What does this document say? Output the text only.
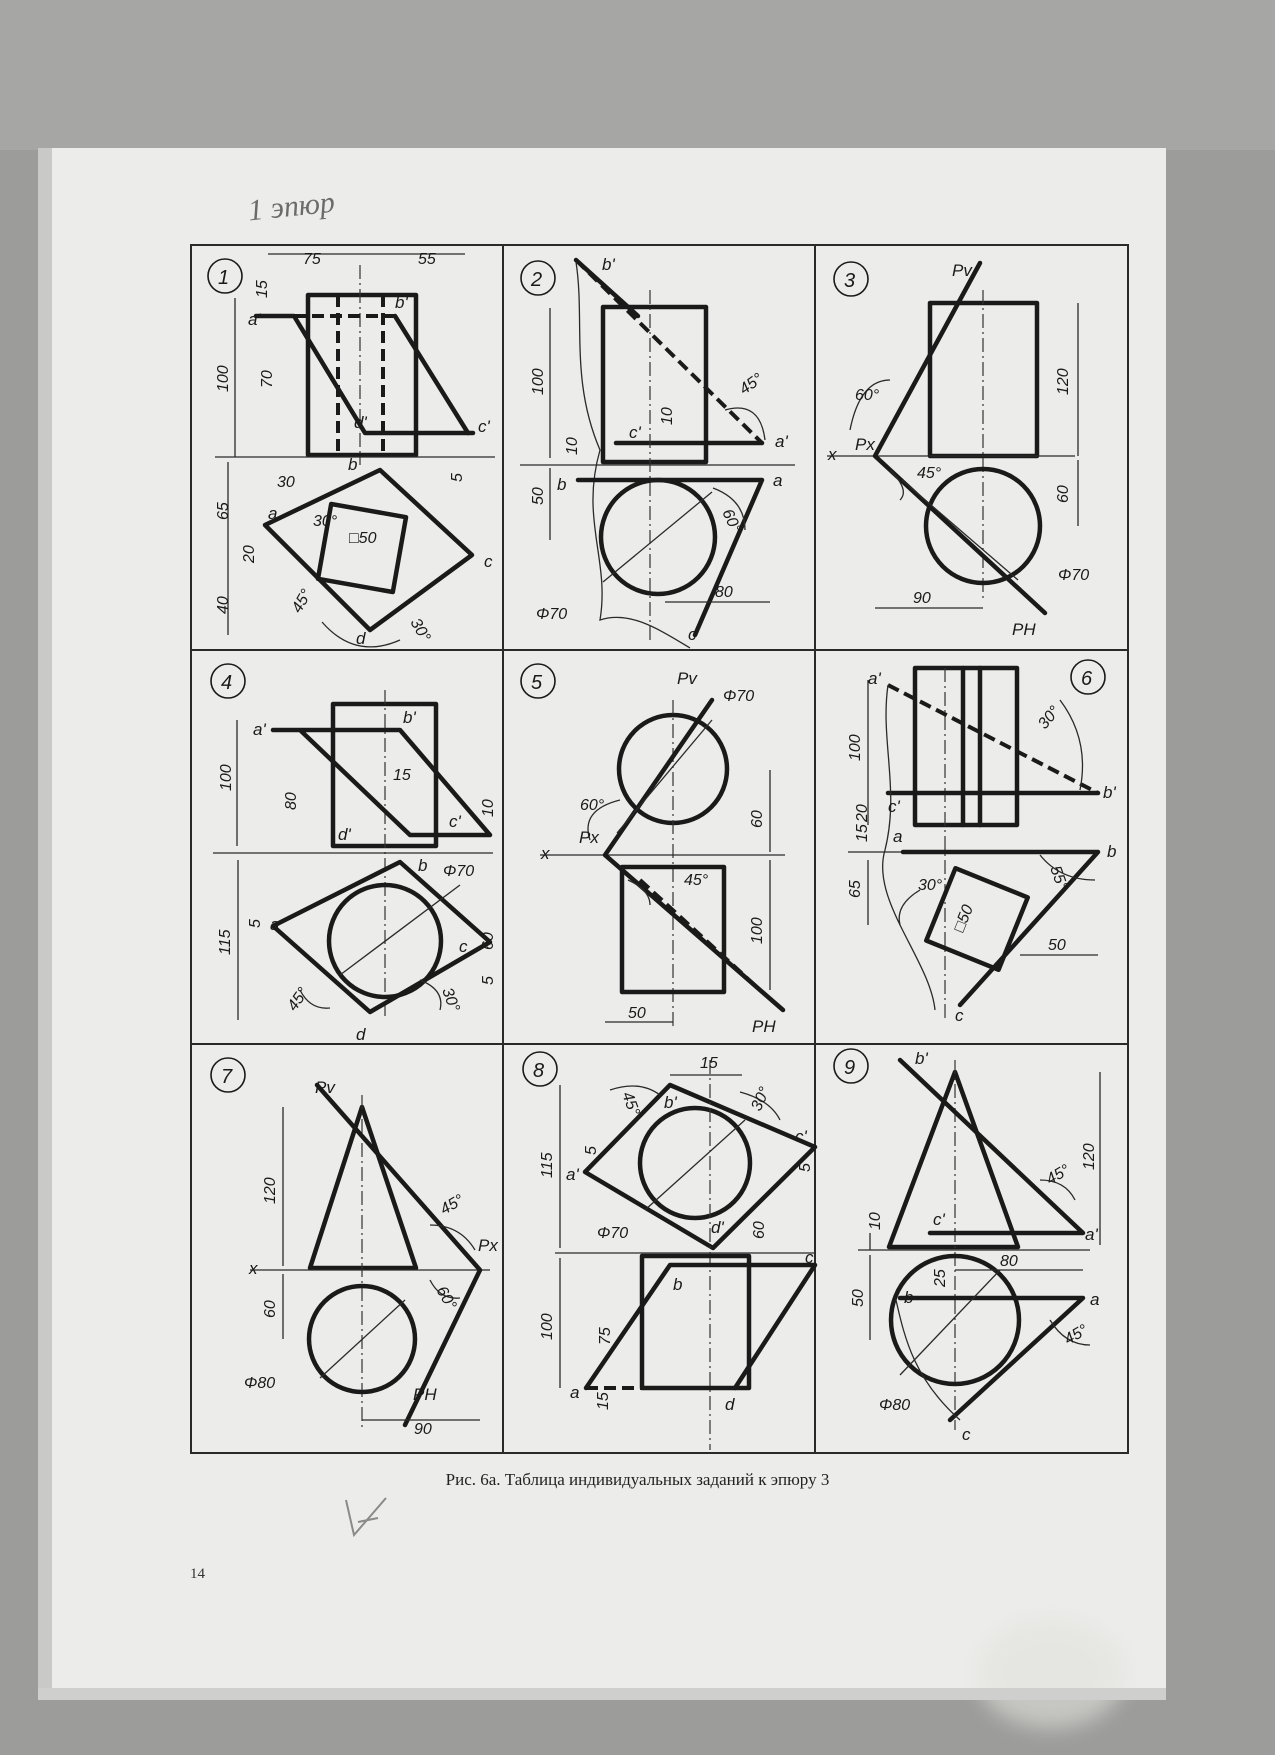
1 эпюр
1
a'
b'
c'
d'
a
b
c
d
75	55
15
100 70
5
65
20
40
30
□50
30°
45°
30°
2
b'
c'	a'
a
b
c
100
10
10
50
80
Φ70
45°
60°
3	Pv
Px
PH
x
120
60
90
Φ70
60°
45°
4
a'
b'
c'
d'
a
b
c
d
100
80
15
10
115
5
60
5
Φ70
45°	30°
5	Pv
Px
PH
x
60
100
50
Φ70
60°
45°
6
a'
b'
c'
a
b
c
100
20
15
65
50
□50
30°
30°	55°
7	Pv
Px
PH
x
120
60
90
Φ80
45°
60°
8
a'
b'
c'
d'
a
b
c
d
15
5
5
115
60
100	75
15
Φ70
45°	30°
9	b'
c'
a'
a
b
c
120
10
80
25
50
Φ80
45°
45°
Рис. 6а. Таблица индивидуальных заданий к эпюру 3
14
